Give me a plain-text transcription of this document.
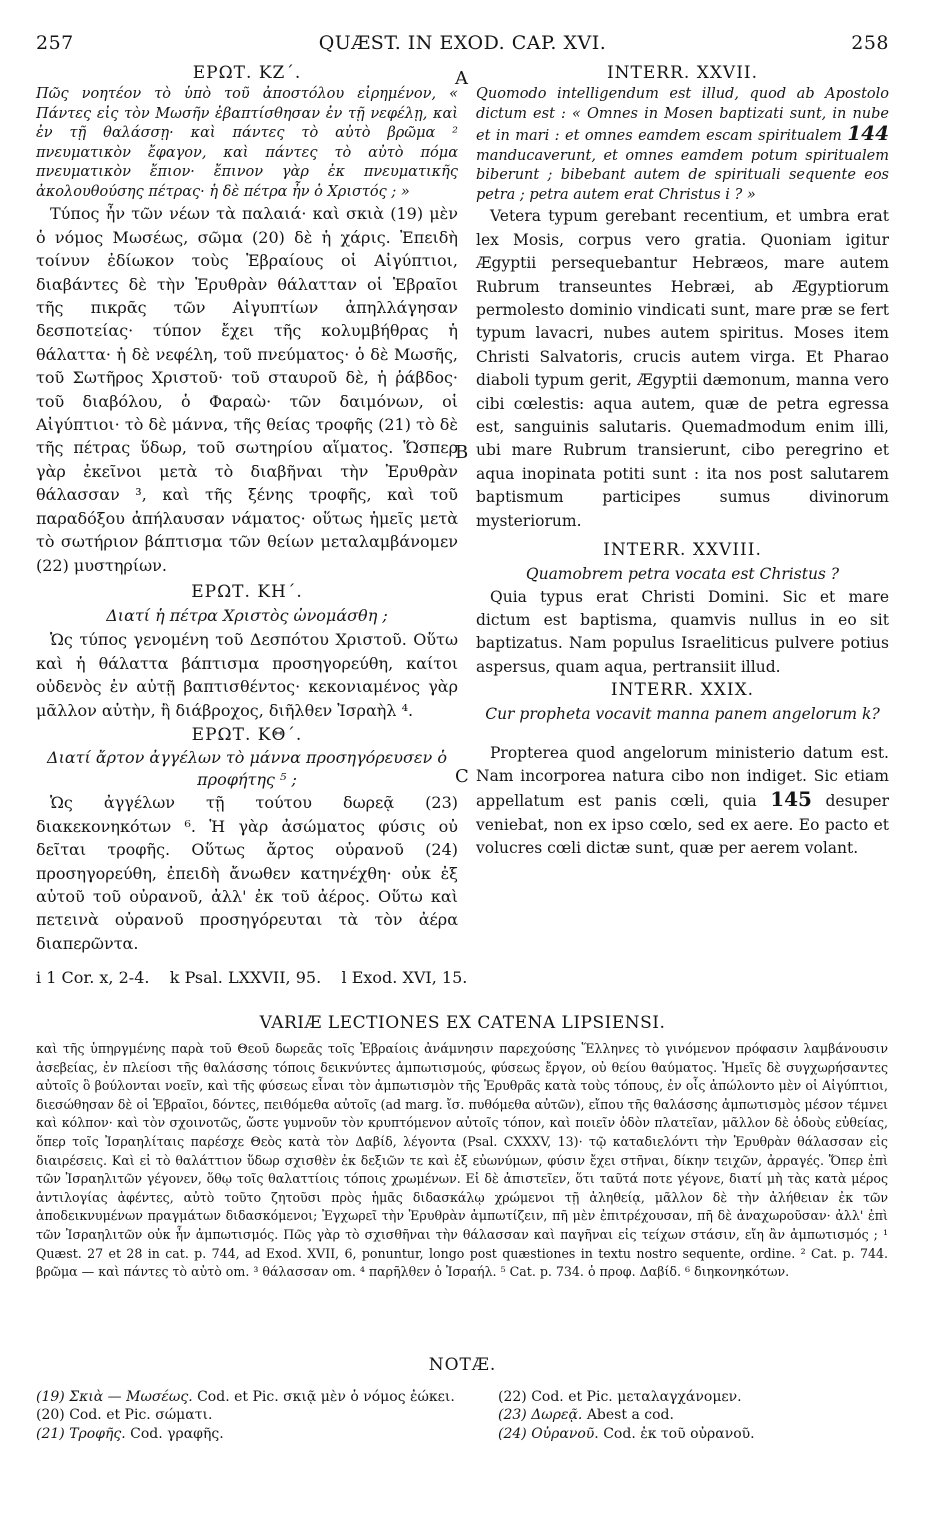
257	QUÆST. IN EXOD. CAP. XVI.	258
A
B
C
ΕΡΩΤ. ΚΖ΄.

Πῶς νοητέον τὸ ὑπὸ τοῦ ἀποστόλου εἰρημένον, « Πάντες εἰς τὸν Μωσῆν ἐβαπτίσθησαν ἐν τῇ νεφέλῃ, καὶ ἐν τῇ θαλάσσῃ· καὶ πάντες τὸ αὐτὸ βρῶμα ² πνευματικὸν ἔφαγον, καὶ πάντες τὸ αὐτὸ πόμα πνευματικὸν ἔπιον· ἔπινον γὰρ ἐκ πνευματικῆς ἀκολουθούσης πέτρας· ἡ δὲ πέτρα ἦν ὁ Χριστός ; »

Τύπος ἦν τῶν νέων τὰ παλαιά· καὶ σκιὰ (19) μὲν ὁ νόμος Μωσέως, σῶμα (20) δὲ ἡ χάρις. Ἐπειδὴ τοίνυν ἐδίωκον τοὺς Ἑβραίους οἱ Αἰγύπτιοι, διαβάντες δὲ τὴν Ἐρυθρὰν θάλατταν οἱ Ἑβραῖοι τῆς πικρᾶς τῶν Αἰγυπτίων ἀπηλλάγησαν δεσποτείας· τύπον ἔχει τῆς κολυμβήθρας ἡ θάλαττα· ἡ δὲ νεφέλη, τοῦ πνεύματος· ὁ δὲ Μωσῆς, τοῦ Σωτῆρος Χριστοῦ· τοῦ σταυροῦ δὲ, ἡ ῥάβδος· τοῦ διαβόλου, ὁ Φαραὼ· τῶν δαιμόνων, οἱ Αἰγύπτιοι· τὸ δὲ μάννα, τῆς θείας τροφῆς (21) τὸ δὲ τῆς πέτρας ὕδωρ, τοῦ σωτηρίου αἵματος. Ὥσπερ γὰρ ἐκεῖνοι μετὰ τὸ διαβῆναι τὴν Ἐρυθρὰν θάλασσαν ³, καὶ τῆς ξένης τροφῆς, καὶ τοῦ παραδόξου ἀπήλαυσαν νάματος· οὕτως ἡμεῖς μετὰ τὸ σωτήριον βάπτισμα τῶν θείων μεταλαμβάνομεν (22) μυστηρίων.

ΕΡΩΤ. ΚΗ΄.

Διατί ἡ πέτρα Χριστὸς ὠνομάσθη ;

Ὡς τύπος γενομένη τοῦ Δεσπότου Χριστοῦ. Οὕτω καὶ ἡ θάλαττα βάπτισμα προσηγορεύθη, καίτοι οὐδενὸς ἐν αὐτῇ βαπτισθέντος· κεκονιαμένος γὰρ μᾶλλον αὐτὴν, ἢ διάβροχος, διῆλθεν Ἰσραὴλ ⁴.

ΕΡΩΤ. ΚΘ΄.

Διατί ἄρτον ἀγγέλων τὸ μάννα προσηγόρευσεν ὁ προφήτης ⁵ ;

Ὡς ἀγγέλων τῇ τούτου δωρεᾷ (23) διακεκονηκότων ⁶. Ἡ γὰρ ἀσώματος φύσις οὐ δεῖται τροφῆς. Οὕτως ἄρτος οὐρανοῦ (24) προσηγορεύθη, ἐπειδὴ ἄνωθεν κατηνέχθη· οὐκ ἐξ αὐτοῦ τοῦ οὐρανοῦ, ἀλλ' ἐκ τοῦ ἀέρος. Οὕτω καὶ πετεινὰ οὐρανοῦ προσηγόρευται τὰ τὸν ἀέρα διαπερῶντα.

INTERR. XXVII.

Quomodo intelligendum est illud, quod ab Apostolo dictum est : « Omnes in Mosen baptizati sunt, in nube et in mari : et omnes eamdem escam spiritualem 144 manducaverunt, et omnes eamdem potum spiritualem biberunt ; bibebant autem de spirituali sequente eos petra ; petra autem erat Christus i ? »

Vetera typum gerebant recentium, et umbra erat lex Mosis, corpus vero gratia. Quoniam igitur Ægyptii persequebantur Hebræos, mare autem Rubrum transeuntes Hebræi, ab Ægyptiorum permolesto dominio vindicati sunt, mare præ se fert typum lavacri, nubes autem spiritus. Moses item Christi Salvatoris, crucis autem virga. Et Pharao diaboli typum gerit, Ægyptii dæmonum, manna vero cibi cœlestis: aqua autem, quæ de petra egressa est, sanguinis salutaris. Quemadmodum enim illi, ubi mare Rubrum transierunt, cibo peregrino et aqua inopinata potiti sunt : ita nos post salutarem baptismum participes sumus divinorum mysteriorum.

INTERR. XXVIII.

Quamobrem petra vocata est Christus ?

Quia typus erat Christi Domini. Sic et mare dictum est baptisma, quamvis nullus in eo sit baptizatus. Nam populus Israeliticus pulvere potius aspersus, quam aqua, pertransiit illud.

INTERR. XXIX.

Cur propheta vocavit manna panem angelorum k?

Propterea quod angelorum ministerio datum est. Nam incorporea natura cibo non indiget. Sic etiam appellatum est panis cœli, quia 145 desuper veniebat, non ex ipso cœlo, sed ex aere. Eo pacto et volucres cœli dictæ sunt, quæ per aerem volant.

i 1 Cor. x, 2-4.    k Psal. LXXVII, 95.    l Exod. XVI, 15.
VARIÆ LECTIONES EX CATENA LIPSIENSI.
καὶ τῆς ὑπηργμένης παρὰ τοῦ Θεοῦ δωρεᾶς τοῖς Ἑβραίοις ἀνάμνησιν παρεχούσης Ἕλληνες τὸ γινόμενον πρόφασιν λαμβάνουσιν ἀσεβείας, ἐν πλείοσι τῆς θαλάσσης τόποις δεικνύντες ἀμπωτισμούς, φύσεως ἔργον, οὐ θείου θαύματος. Ἡμεῖς δὲ συγχωρήσαντες αὐτοῖς ὃ βούλονται νοεῖν, καὶ τῆς φύσεως εἶναι τὸν ἀμπωτισμὸν τῆς Ἐρυθρᾶς κατὰ τοὺς τόπους, ἐν οἷς ἀπώλοντο μὲν οἱ Αἰγύπτιοι, διεσώθησαν δὲ οἱ Ἑβραῖοι, δόντες, πειθόμεθα αὐτοῖς (ad marg. ἴσ. πυθόμεθα αὐτῶν), εἴπου τῆς θαλάσσης ἀμπωτισμὸς μέσον τέμνει καὶ κόλπον· καὶ τὸν σχοινοτῶς, ὥστε γυμνοῦν τὸν κρυπτόμενον αὐτοῖς τόπον, καὶ ποιεῖν ὁδὸν πλατεῖαν, μᾶλλον δὲ ὁδοὺς εὐθείας, ὅπερ τοῖς Ἰσραηλίταις παρέσχε Θεὸς κατὰ τὸν Δαβίδ, λέγοντα (Psal. CXXXV, 13)· τῷ καταδιελόντι τὴν Ἐρυθρὰν θάλασσαν εἰς διαιρέσεις. Καὶ εἰ τὸ θαλάττιον ὕδωρ σχισθὲν ἐκ δεξιῶν τε καὶ ἐξ εὐωνύμων, φύσιν ἔχει στῆναι, δίκην τειχῶν, ἀρραγές. Ὅπερ ἐπὶ τῶν Ἰσραηλιτῶν γέγονεν, ὅθῳ τοῖς θαλαττίοις τόποις χρωμένων. Εἰ δὲ ἀπιστεῖεν, ὅτι ταῦτά ποτε γέγονε, διατί μὴ τὰς κατὰ μέρος ἀντιλογίας ἀφέντες, αὐτὸ τοῦτο ζητοῦσι πρὸς ἡμᾶς διδασκάλῳ χρώμενοι τῇ ἀληθείᾳ, μᾶλλον δὲ τὴν ἀλήθειαν ἐκ τῶν ἀποδεικνυμένων πραγμάτων διδασκόμενοι; Ἐγχωρεῖ τὴν Ἐρυθρὰν ἀμπωτίζειν, πῆ μὲν ἐπιτρέχουσαν, πῆ δὲ ἀναχωροῦσαν· ἀλλ' ἐπὶ τῶν Ἰσραηλιτῶν οὐκ ἦν ἀμπωτισμός. Πῶς γὰρ τὸ σχισθῆναι τὴν θάλασσαν καὶ παγῆναι εἰς τείχων στάσιν, εἴη ἂν ἀμπωτισμός ; ¹ Quæst. 27 et 28 in cat. p. 744, ad Exod. XVII, 6, ponuntur, longo post quæstiones in textu nostro sequente, ordine. ² Cat. p. 744. βρῶμα — καὶ πάντες τὸ αὐτὸ om. ³ θάλασσαν om. ⁴ παρῆλθεν ὁ Ἰσραήλ. ⁵ Cat. p. 734. ὁ προφ. Δαβίδ. ⁶ διηκονηκότων.
NOTÆ.

(19) Σκιὰ — Μωσέως. Cod. et Pic. σκιᾷ μὲν ὁ νόμος ἐώκει.

(20) Cod. et Pic. σώματι.

(21) Τροφῆς. Cod. γραφῆς.

(22) Cod. et Pic. μεταλαγχάνομεν.

(23) Δωρεᾷ. Abest a cod.

(24) Οὐρανοῦ. Cod. ἐκ τοῦ οὐρανοῦ.
